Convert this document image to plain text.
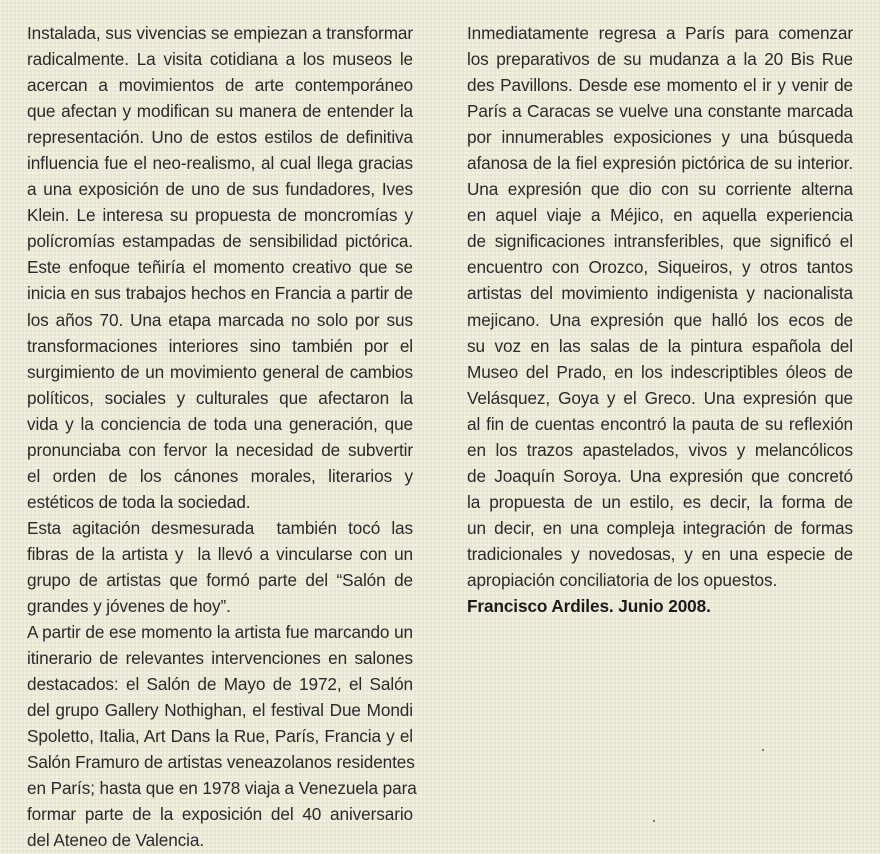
Instalada, sus vivencias se empiezan a transformar
radicalmente. La visita cotidiana a los museos le
acercan a movimientos de arte contemporáneo
que afectan y modifican su manera de entender la
representación. Uno de estos estilos de definitiva
influencia fue el neo-realismo, al cual llega gracias
a una exposición de uno de sus fundadores, Ives
Klein. Le interesa su propuesta de moncromías y
polícromías estampadas de sensibilidad pictórica.
Este enfoque teñiría el momento creativo que se
inicia en sus trabajos hechos en Francia a partir de
los años 70. Una etapa marcada no solo por sus
transformaciones interiores sino también por el
surgimiento de un movimiento general de cambios
políticos, sociales y culturales que afectaron la
vida y la conciencia de toda una generación, que
pronunciaba con fervor la necesidad de subvertir
el orden de los cánones morales, literarios y
estéticos de toda la sociedad.
Esta agitación desmesurada  también tocó las
fibras de la artista y  la llevó a vincularse con un
grupo de artistas que formó parte del “Salón de
grandes y jóvenes de hoy”.
A partir de ese momento la artista fue marcando un
itinerario de relevantes intervenciones en salones
destacados: el Salón de Mayo de 1972, el Salón
del grupo Gallery Nothighan, el festival Due Mondi
Spoletto, Italia, Art Dans la Rue, París, Francia y el
Salón Framuro de artistas veneazolanos residentes
en París; hasta que en 1978 viaja a Venezuela para
formar parte de la exposición del 40 aniversario
del Ateneo de Valencia.
Inmediatamente regresa a París para comenzar
los preparativos de su mudanza a la 20 Bis Rue
des Pavillons. Desde ese momento el ir y venir de
París a Caracas se vuelve una constante marcada
por innumerables exposiciones y una búsqueda
afanosa de la fiel expresión pictórica de su interior.
Una expresión que dio con su corriente alterna
en aquel viaje a Méjico, en aquella experiencia
de significaciones intransferibles, que significó el
encuentro con Orozco, Siqueiros, y otros tantos
artistas del movimiento indigenista y nacionalista
mejicano. Una expresión que halló los ecos de
su voz en las salas de la pintura española del
Museo del Prado, en los indescriptibles óleos de
Velásquez, Goya y el Greco. Una expresión que
al fin de cuentas encontró la pauta de su reflexión
en los trazos apastelados, vivos y melancólicos
de Joaquín Soroya. Una expresión que concretó
la propuesta de un estilo, es decir, la forma de
un decir, en una compleja integración de formas
tradicionales y novedosas, y en una especie de
apropiación conciliatoria de los opuestos.
Francisco Ardiles. Junio 2008.
